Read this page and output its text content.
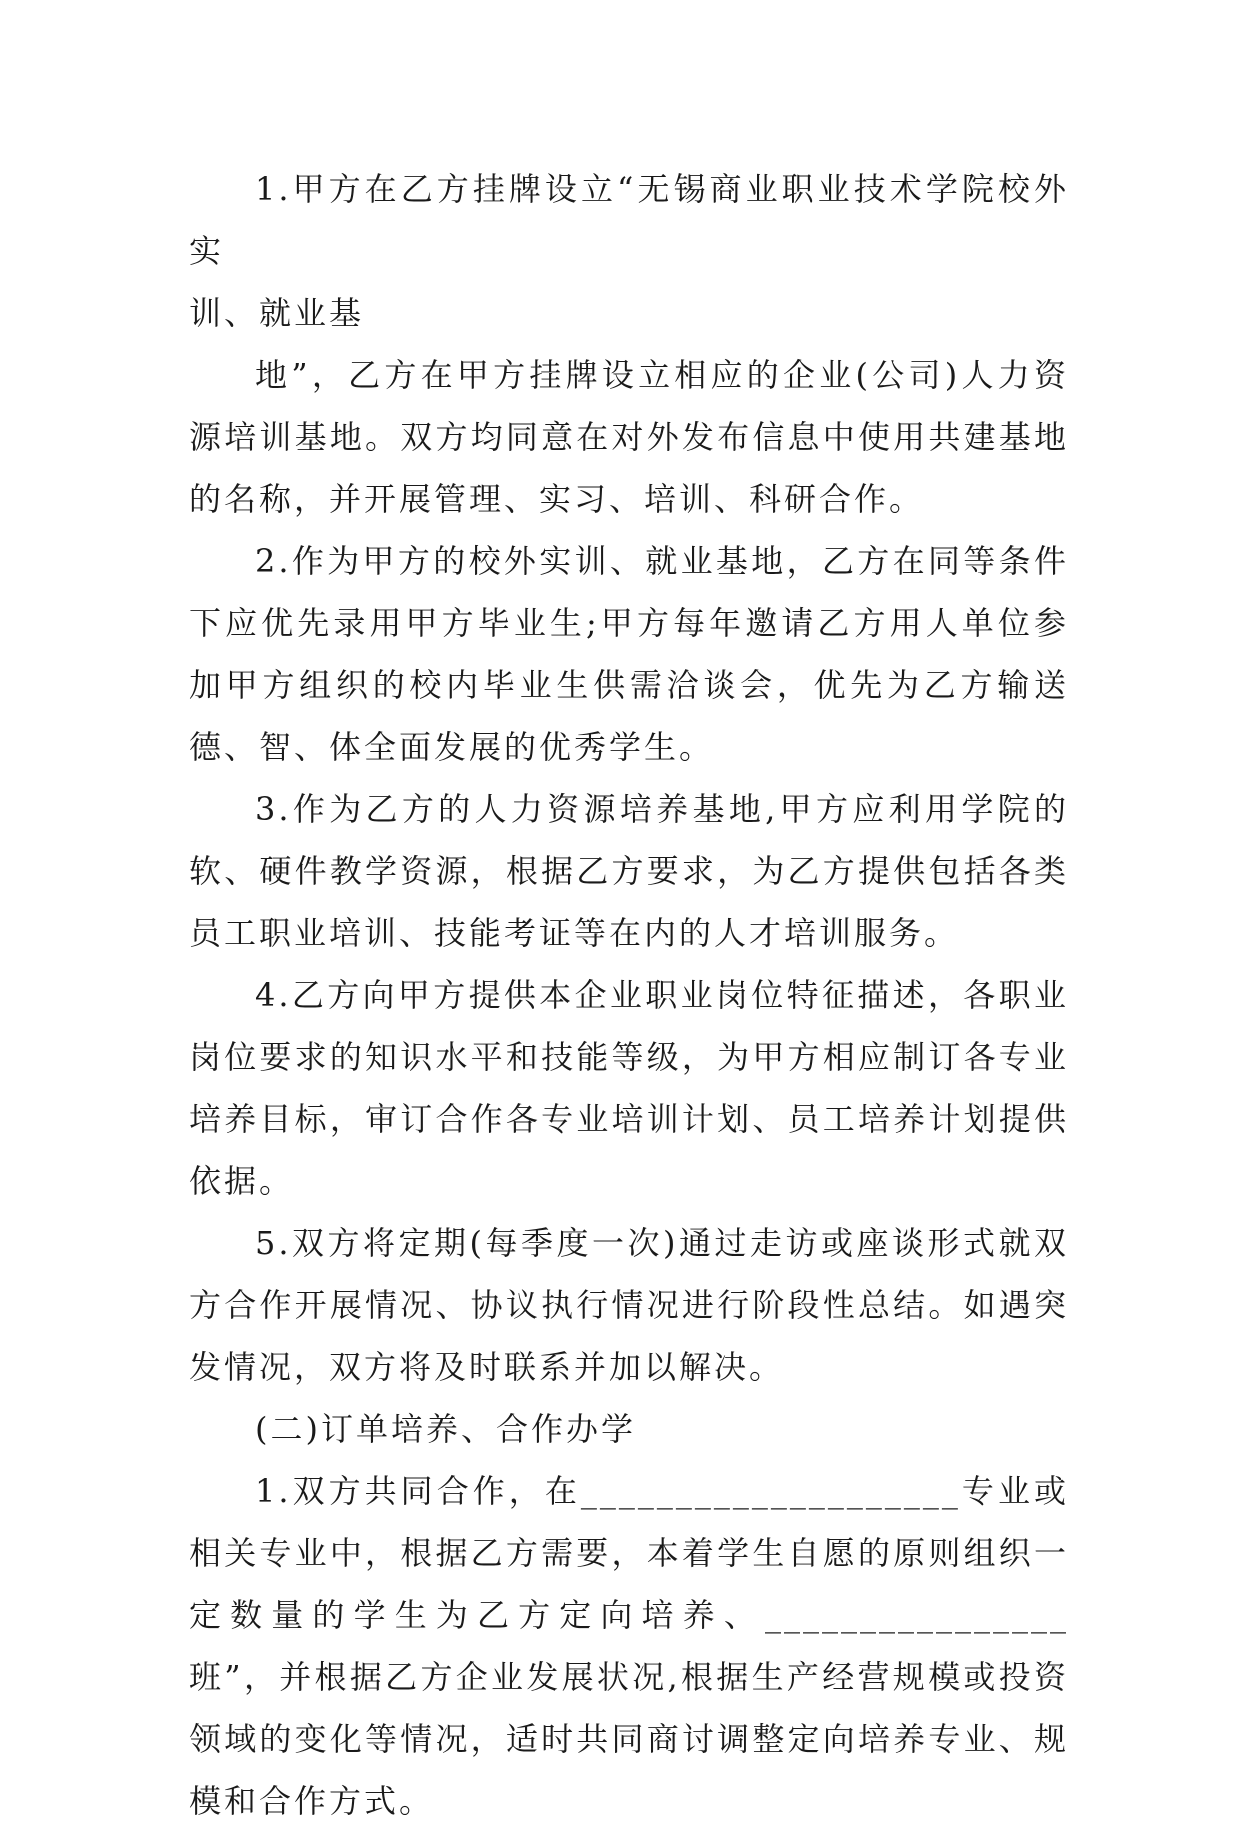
1.甲方在乙方挂牌设立“无锡商业职业技术学院校外实

训、就业基

地”，乙方在甲方挂牌设立相应的企业(公司)人力资源培训基地。双方均同意在对外发布信息中使用共建基地的名称，并开展管理、实习、培训、科研合作。

2.作为甲方的校外实训、就业基地，乙方在同等条件下应优先录用甲方毕业生;甲方每年邀请乙方用人单位参加甲方组织的校内毕业生供需洽谈会，优先为乙方输送德、智、体全面发展的优秀学生。

3.作为乙方的人力资源培养基地,甲方应利用学院的软、硬件教学资源，根据乙方要求，为乙方提供包括各类员工职业培训、技能考证等在内的人才培训服务。

4.乙方向甲方提供本企业职业岗位特征描述，各职业岗位要求的知识水平和技能等级，为甲方相应制订各专业培养目标，审订合作各专业培训计划、员工培养计划提供依据。

5.双方将定期(每季度一次)通过走访或座谈形式就双方合作开展情况、协议执行情况进行阶段性总结。如遇突发情况，双方将及时联系并加以解决。

(二)订单培养、合作办学

1.双方共同合作，在____________________专业或相关专业中，根据乙方需要，本着学生自愿的原则组织一定数量的学生为乙方定向培养、________________班”，并根据乙方企业发展状况,根据生产经营规模或投资领域的变化等情况，适时共同商讨调整定向培养专业、规模和合作方式。
